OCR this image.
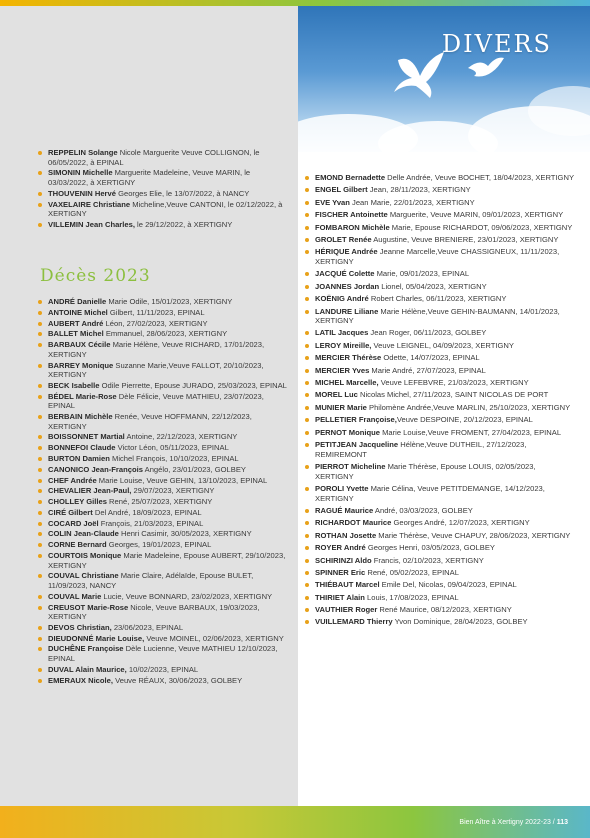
DIVERS
REPPELIN Solange Nicole Marguerite Veuve COLLIGNON, le 06/05/2022, à EPINAL
SIMONIN Michelle Marguerite Madeleine, Veuve MARIN, le 03/03/2022, à XERTIGNY
THOUVENIN Hervé Georges Elie, le 13/07/2022, à NANCY
VAXELAIRE Christiane Micheline,Veuve CANTONI, le 02/12/2022, à XERTIGNY
VILLEMIN Jean Charles, le 29/12/2022, à XERTIGNY
Décès 2023
ANDRÉ Danielle Marie Odile, 15/01/2023, XERTIGNY
ANTOINE Michel Gilbert, 11/11/2023, EPINAL
AUBERT André Léon, 27/02/2023, XERTIGNY
BALLET Michel Emmanuel, 28/06/2023, XERTIGNY
BARBAUX Cécile Marie Hélène, Veuve RICHARD, 17/01/2023, XERTIGNY
BARREY Monique Suzanne Marie,Veuve FALLOT, 20/10/2023, XERTIGNY
BECK Isabelle Odile Pierrette, Epouse JURADO, 25/03/2023, EPINAL
BÉDEL Marie-Rose Dèle Félicie, Veuve MATHIEU, 23/07/2023, EPINAL
BERBAIN Michèle Renée, Veuve HOFFMANN, 22/12/2023, XERTIGNY
BOISSONNET Martial Antoine, 22/12/2023, XERTIGNY
BONNEFOI Claude Victor Léon, 05/11/2023, EPINAL
BURTON Damien Michel François, 10/10/2023, EPINAL
CANONICO Jean-François Angélo, 23/01/2023, GOLBEY
CHEF Andrée Marie Louise, Veuve GEHIN, 13/10/2023, EPINAL
CHEVALIER Jean-Paul, 29/07/2023, XERTIGNY
CHOLLEY Gilles René, 25/07/2023, XERTIGNY
CIRÉ Gilbert Del André, 18/09/2023, EPINAL
COCARD Joël François, 21/03/2023, EPINAL
COLIN Jean-Claude Henri Casimir, 30/05/2023, XERTIGNY
CORNE Bernard Georges, 19/01/2023, EPINAL
COURTOIS Monique Marie Madeleine, Epouse AUBERT, 29/10/2023, XERTIGNY
COUVAL Christiane Marie Claire, Adélaïde, Epouse BULET, 11/09/2023, NANCY
COUVAL Marie Lucie, Veuve BONNARD, 23/02/2023, XERTIGNY
CREUSOT Marie-Rose Nicole, Veuve BARBAUX, 19/03/2023, XERTIGNY
DEVOS Christian, 23/06/2023, EPINAL
DIEUDONNÉ Marie Louise, Veuve MOINEL, 02/06/2023, XERTIGNY
DUCHÊNE Françoise Dèle Lucienne, Veuve MATHIEU 12/10/2023, EPINAL
DUVAL Alain Maurice, 10/02/2023, EPINAL
EMERAUX Nicole, Veuve RÉAUX, 30/06/2023, GOLBEY
EMOND Bernadette Delle Andrée, Veuve BOCHET, 18/04/2023, XERTIGNY
ENGEL Gilbert Jean, 28/11/2023, XERTIGNY
EVE Yvan Jean Marie, 22/01/2023, XERTIGNY
FISCHER Antoinette Marguerite, Veuve MARIN, 09/01/2023, XERTIGNY
FOMBARON Michèle Marie, Epouse RICHARDOT, 09/06/2023, XERTIGNY
GROLET Renée Augustine, Veuve BRENIERE, 23/01/2023, XERTIGNY
HÉRIQUE Andrée Jeanne Marcelle,Veuve CHASSIGNEUX, 11/11/2023, XERTIGNY
JACQUÉ Colette Marie, 09/01/2023, EPINAL
JOANNES Jordan Lionel, 05/04/2023, XERTIGNY
KOËNIG André Robert Charles, 06/11/2023, XERTIGNY
LANDURE Liliane Marie Hélène,Veuve GEHIN-BAUMANN, 14/01/2023, XERTIGNY
LATIL Jacques Jean Roger, 06/11/2023, GOLBEY
LEROY Mireille, Veuve LEIGNEL, 04/09/2023, XERTIGNY
MERCIER Thérèse Odette, 14/07/2023, EPINAL
MERCIER Yves Marie André, 27/07/2023, EPINAL
MICHEL Marcelle, Veuve LEFEBVRE, 21/03/2023, XERTIGNY
MOREL Luc Nicolas Michel, 27/11/2023, SAINT NICOLAS DE PORT
MUNIER Marie Philomène Andrée,Veuve MARLIN, 25/10/2023, XERTIGNY
PELLETIER Françoise,Veuve DESPOINE, 20/12/2023, EPINAL
PERNOT Monique Marie Louise,Veuve FROMENT, 27/04/2023, EPINAL
PETITJEAN Jacqueline Hélène,Veuve DUTHEIL, 27/12/2023, REMIREMONT
PIERROT Micheline Marie Thérèse, Epouse LOUIS, 02/05/2023, XERTIGNY
POROLI Yvette Marie Célina, Veuve PETITDEMANGE, 14/12/2023, XERTIGNY
RAGUÉ Maurice André, 03/03/2023, GOLBEY
RICHARDOT Maurice Georges André, 12/07/2023, XERTIGNY
ROTHAN Josette Marie Thérèse, Veuve CHAPUY, 28/06/2023, XERTIGNY
ROYER André Georges Henri, 03/05/2023, GOLBEY
SCHIRINZI Aldo Francis, 02/10/2023, XERTIGNY
SPINNER Eric René, 05/02/2023, EPINAL
THIÉBAUT Marcel Emile Del, Nicolas, 09/04/2023, EPINAL
THIRIET Alain Louis, 17/08/2023, EPINAL
VAUTHIER Roger René Maurice, 08/12/2023, XERTIGNY
VUILLEMARD Thierry Yvon Dominique, 28/04/2023, GOLBEY
Bien Aître à Xertigny 2022-23 / 113
